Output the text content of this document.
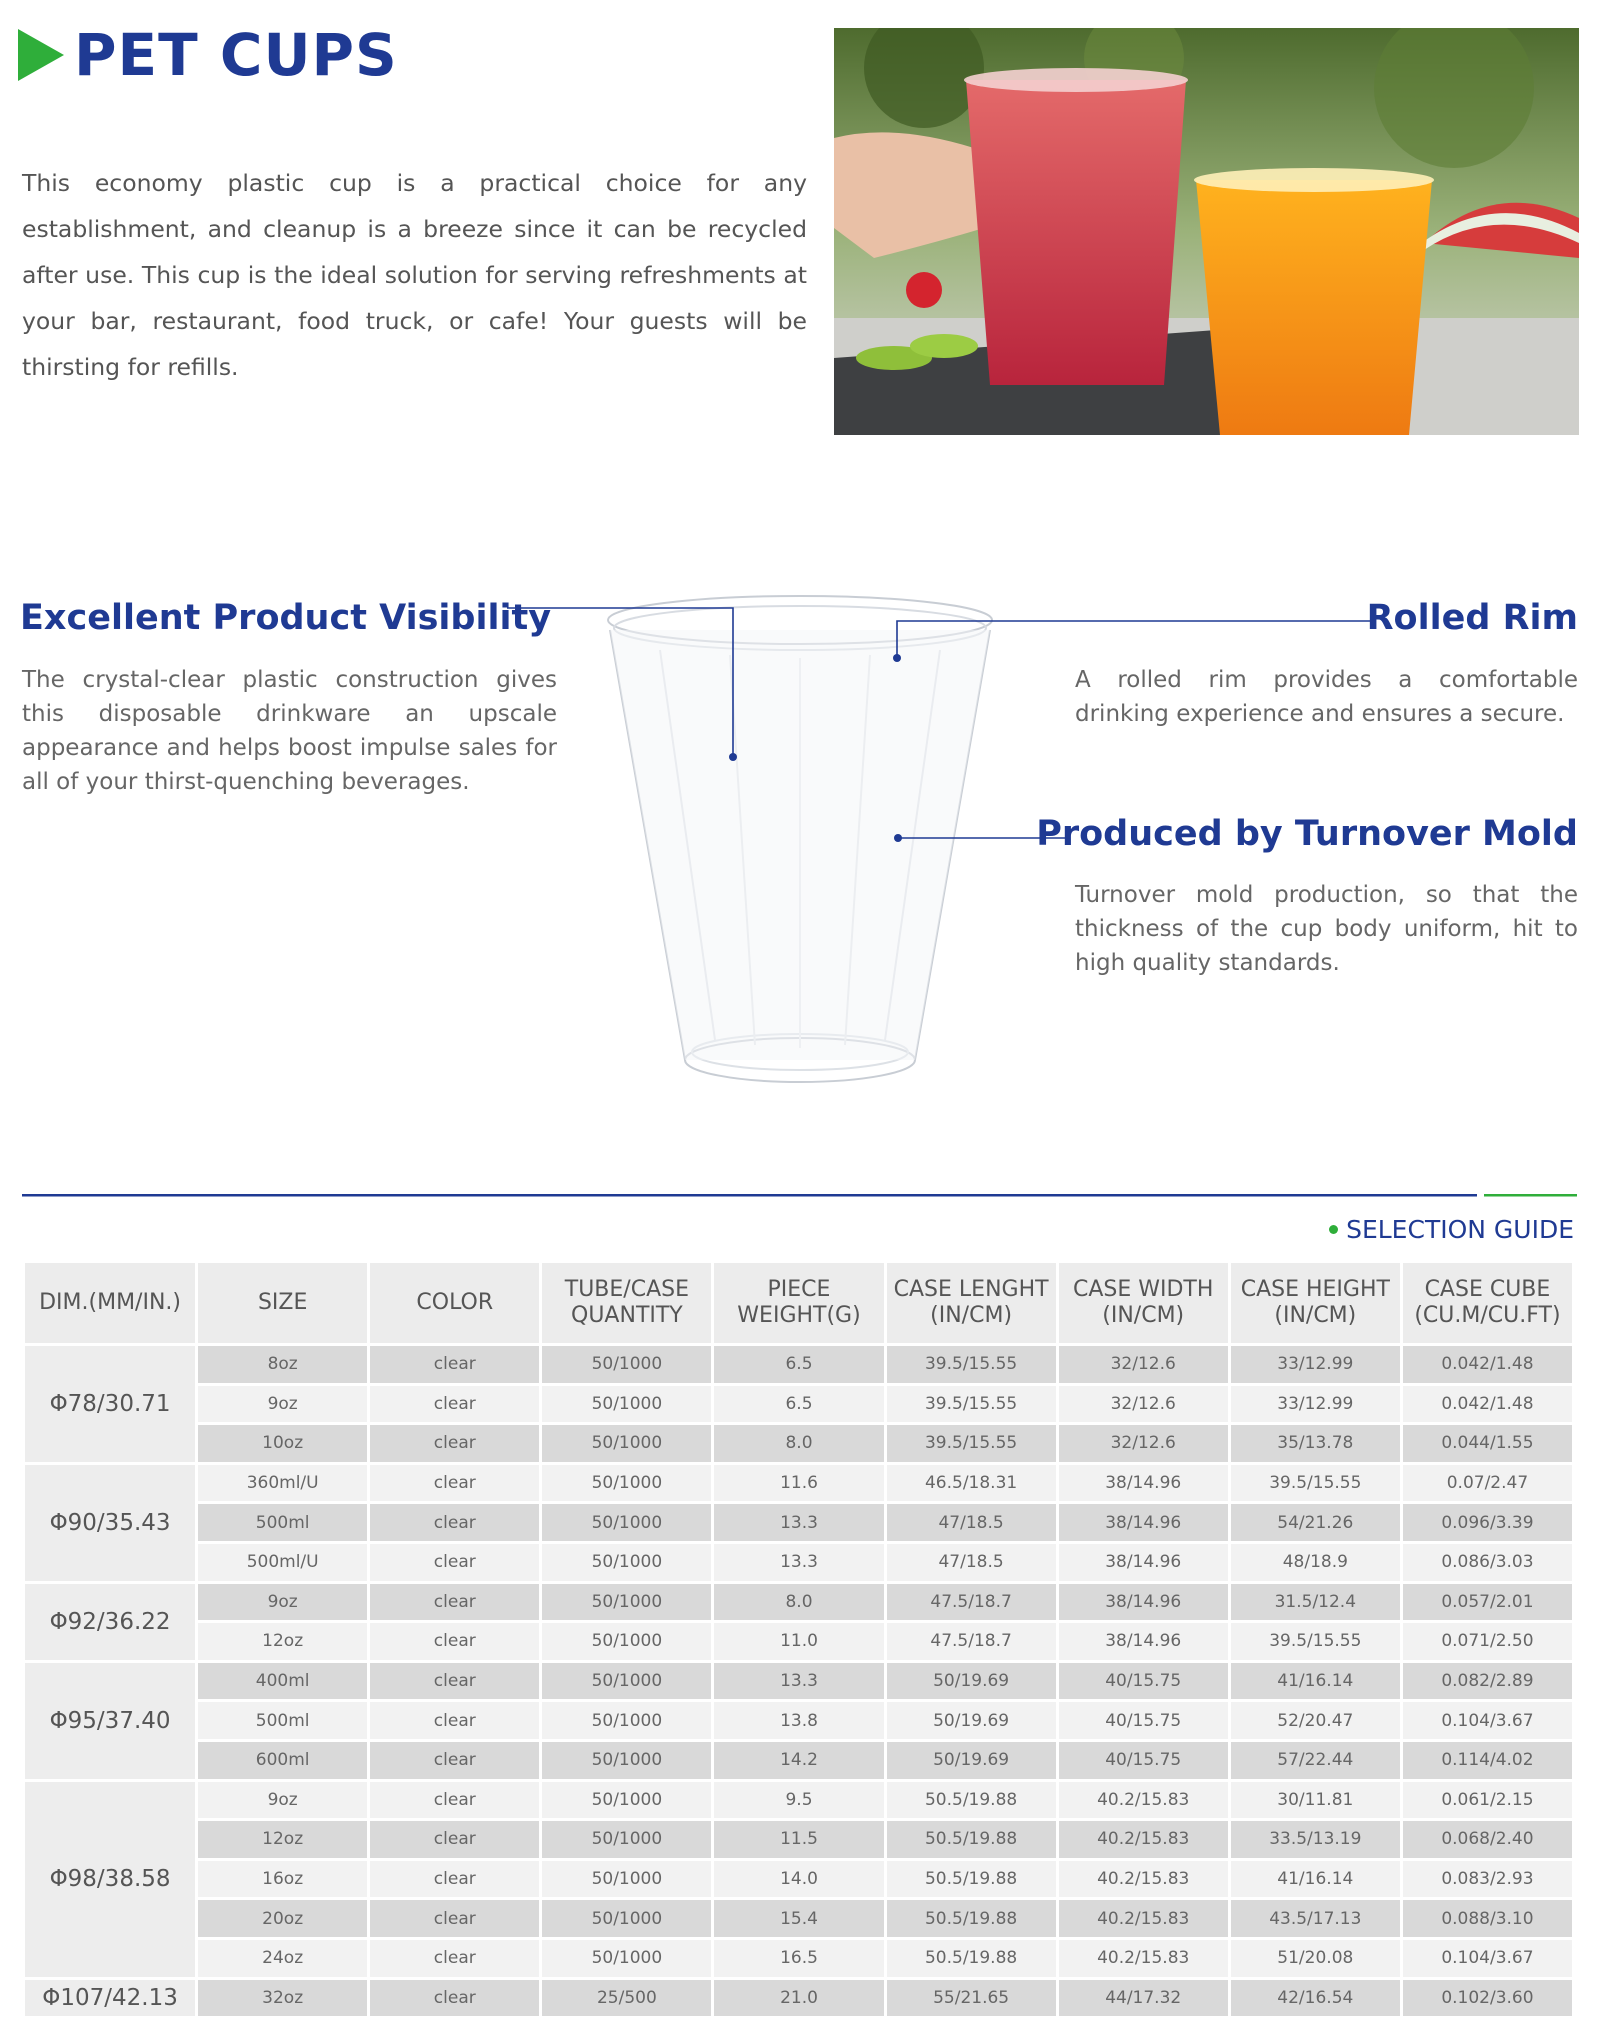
PET CUPS

This economy plastic cup is a practical choice for any establishment, and cleanup is a breeze since it can be recycled after use. This cup is the ideal solution for serving refreshments at your bar, restaurant, food truck, or cafe! Your guests will be thirsting for refills.

Excellent Product Visibility

The crystal-clear plastic construction gives this disposable drinkware an upscale appearance and helps boost impulse sales for all of your thirst-quenching beverages.

Rolled Rim

A rolled rim provides a comfortable drinking experience and ensures a secure.

Produced by Turnover Mold

Turnover mold production, so that the thickness of the cup body uniform, hit to high quality standards.

SELECTION GUIDE
DIM.(MM/IN.)	SIZE	COLOR	TUBE/CASE QUANTITY	PIECE WEIGHT(G)	CASE LENGHT (IN/CM)	CASE WIDTH (IN/CM)	CASE HEIGHT (IN/CM)	CASE CUBE (CU.M/CU.FT)
Φ78/30.71	8oz	clear	50/1000	6.5	39.5/15.55	32/12.6	33/12.99	0.042/1.48
	9oz	clear	50/1000	6.5	39.5/15.55	32/12.6	33/12.99	0.042/1.48
	10oz	clear	50/1000	8.0	39.5/15.55	32/12.6	35/13.78	0.044/1.55
Φ90/35.43	360ml/U	clear	50/1000	11.6	46.5/18.31	38/14.96	39.5/15.55	0.07/2.47
	500ml	clear	50/1000	13.3	47/18.5	38/14.96	54/21.26	0.096/3.39
	500ml/U	clear	50/1000	13.3	47/18.5	38/14.96	48/18.9	0.086/3.03
Φ92/36.22	9oz	clear	50/1000	8.0	47.5/18.7	38/14.96	31.5/12.4	0.057/2.01
	12oz	clear	50/1000	11.0	47.5/18.7	38/14.96	39.5/15.55	0.071/2.50
Φ95/37.40	400ml	clear	50/1000	13.3	50/19.69	40/15.75	41/16.14	0.082/2.89
	500ml	clear	50/1000	13.8	50/19.69	40/15.75	52/20.47	0.104/3.67
	600ml	clear	50/1000	14.2	50/19.69	40/15.75	57/22.44	0.114/4.02
Φ98/38.58	9oz	clear	50/1000	9.5	50.5/19.88	40.2/15.83	30/11.81	0.061/2.15
	12oz	clear	50/1000	11.5	50.5/19.88	40.2/15.83	33.5/13.19	0.068/2.40
	16oz	clear	50/1000	14.0	50.5/19.88	40.2/15.83	41/16.14	0.083/2.93
	20oz	clear	50/1000	15.4	50.5/19.88	40.2/15.83	43.5/17.13	0.088/3.10
	24oz	clear	50/1000	16.5	50.5/19.88	40.2/15.83	51/20.08	0.104/3.67
Φ107/42.13	32oz	clear	25/500	21.0	55/21.65	44/17.32	42/16.54	0.102/3.60
